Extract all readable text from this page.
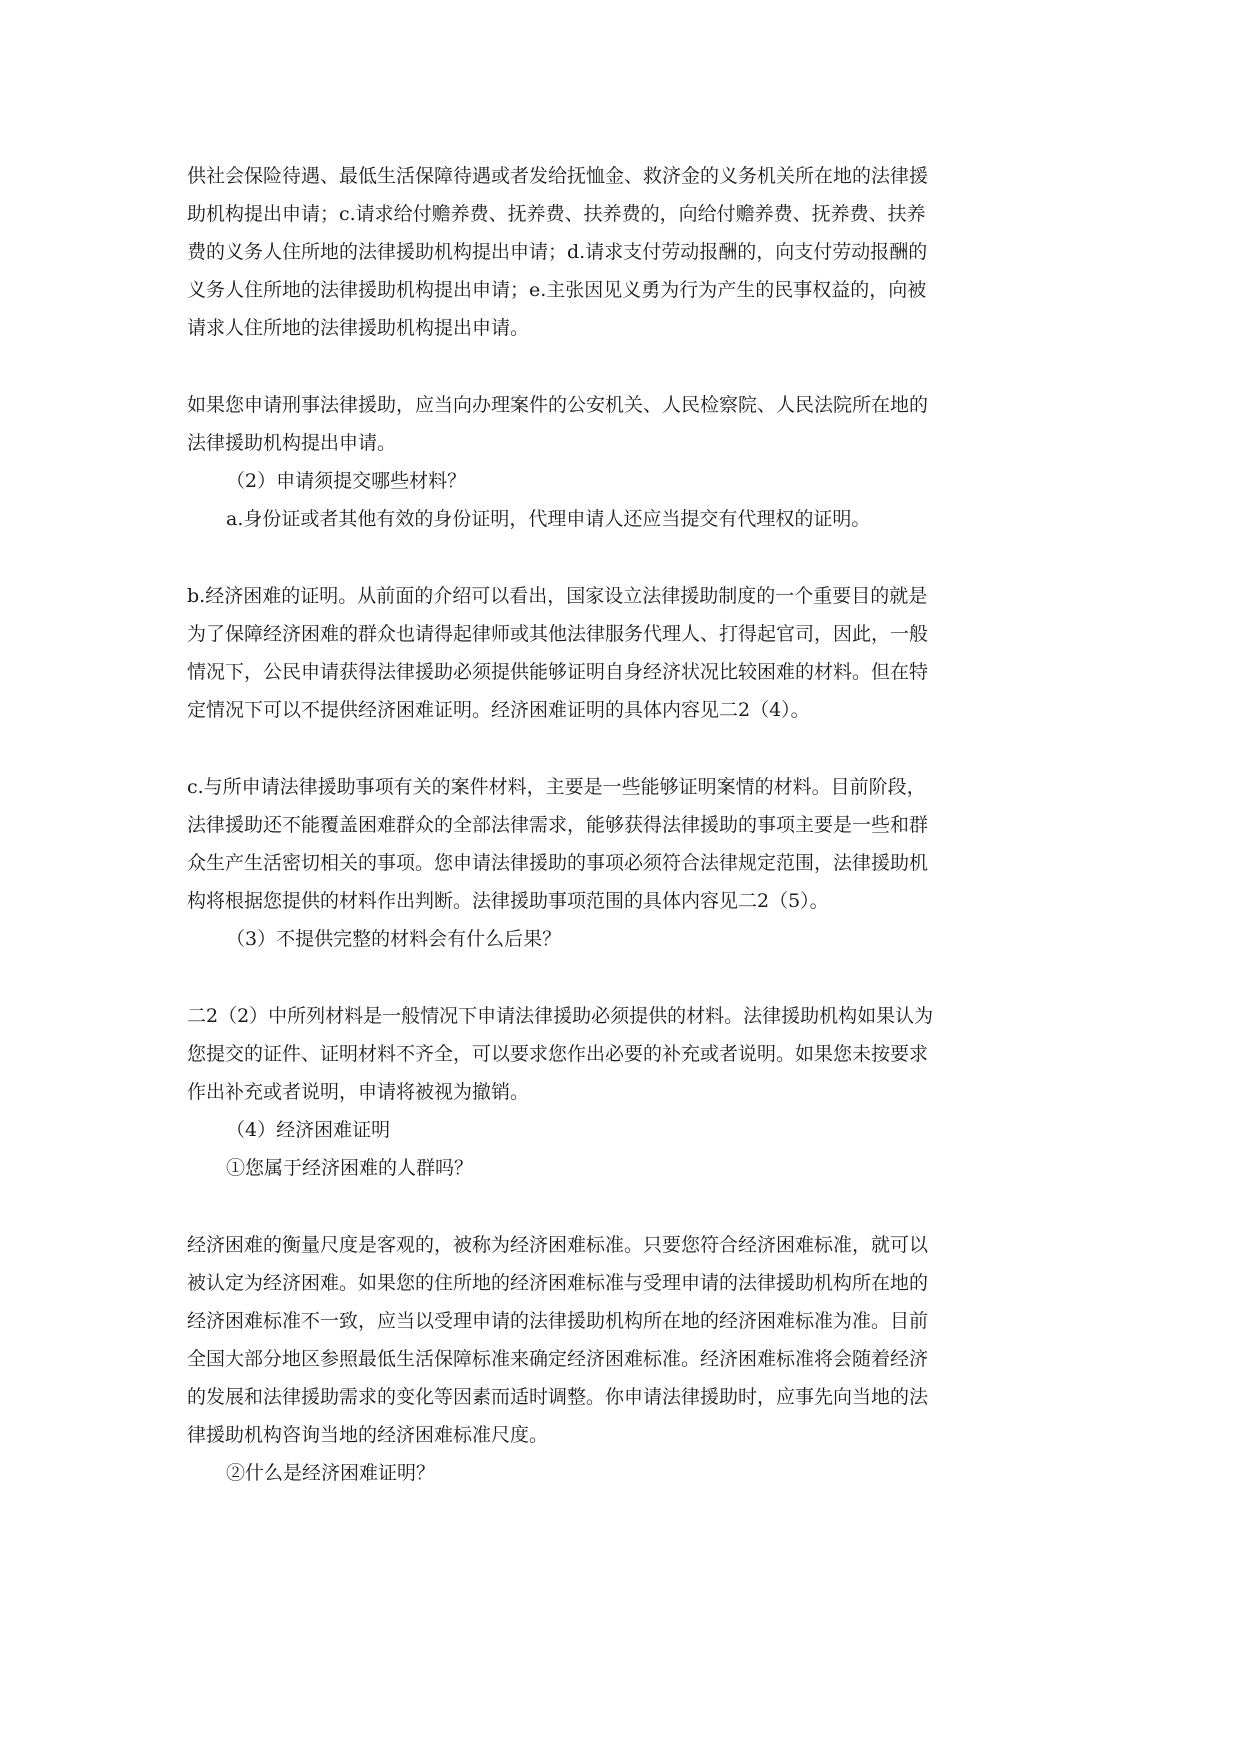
供社会保险待遇、最低生活保障待遇或者发给抚恤金、救济金的义务机关所在地的法律援

助机构提出申请；c.请求给付赡养费、抚养费、扶养费的，向给付赡养费、抚养费、扶养

费的义务人住所地的法律援助机构提出申请；d.请求支付劳动报酬的，向支付劳动报酬的

义务人住所地的法律援助机构提出申请；e.主张因见义勇为行为产生的民事权益的，向被

请求人住所地的法律援助机构提出申请。

如果您申请刑事法律援助，应当向办理案件的公安机关、人民检察院、人民法院所在地的

法律援助机构提出申请。

（2）申请须提交哪些材料？

a.身份证或者其他有效的身份证明，代理申请人还应当提交有代理权的证明。

b.经济困难的证明。从前面的介绍可以看出，国家设立法律援助制度的一个重要目的就是

为了保障经济困难的群众也请得起律师或其他法律服务代理人、打得起官司，因此，一般

情况下，公民申请获得法律援助必须提供能够证明自身经济状况比较困难的材料。但在特

定情况下可以不提供经济困难证明。经济困难证明的具体内容见二2（4）。

c.与所申请法律援助事项有关的案件材料，主要是一些能够证明案情的材料。目前阶段，

法律援助还不能覆盖困难群众的全部法律需求，能够获得法律援助的事项主要是一些和群

众生产生活密切相关的事项。您申请法律援助的事项必须符合法律规定范围，法律援助机

构将根据您提供的材料作出判断。法律援助事项范围的具体内容见二2（5）。

（3）不提供完整的材料会有什么后果？

二2（2）中所列材料是一般情况下申请法律援助必须提供的材料。法律援助机构如果认为

您提交的证件、证明材料不齐全，可以要求您作出必要的补充或者说明。如果您未按要求

作出补充或者说明，申请将被视为撤销。

（4）经济困难证明

①您属于经济困难的人群吗？

经济困难的衡量尺度是客观的，被称为经济困难标准。只要您符合经济困难标准，就可以

被认定为经济困难。如果您的住所地的经济困难标准与受理申请的法律援助机构所在地的

经济困难标准不一致，应当以受理申请的法律援助机构所在地的经济困难标准为准。目前

全国大部分地区参照最低生活保障标准来确定经济困难标准。经济困难标准将会随着经济

的发展和法律援助需求的变化等因素而适时调整。你申请法律援助时，应事先向当地的法

律援助机构咨询当地的经济困难标准尺度。

②什么是经济困难证明？
